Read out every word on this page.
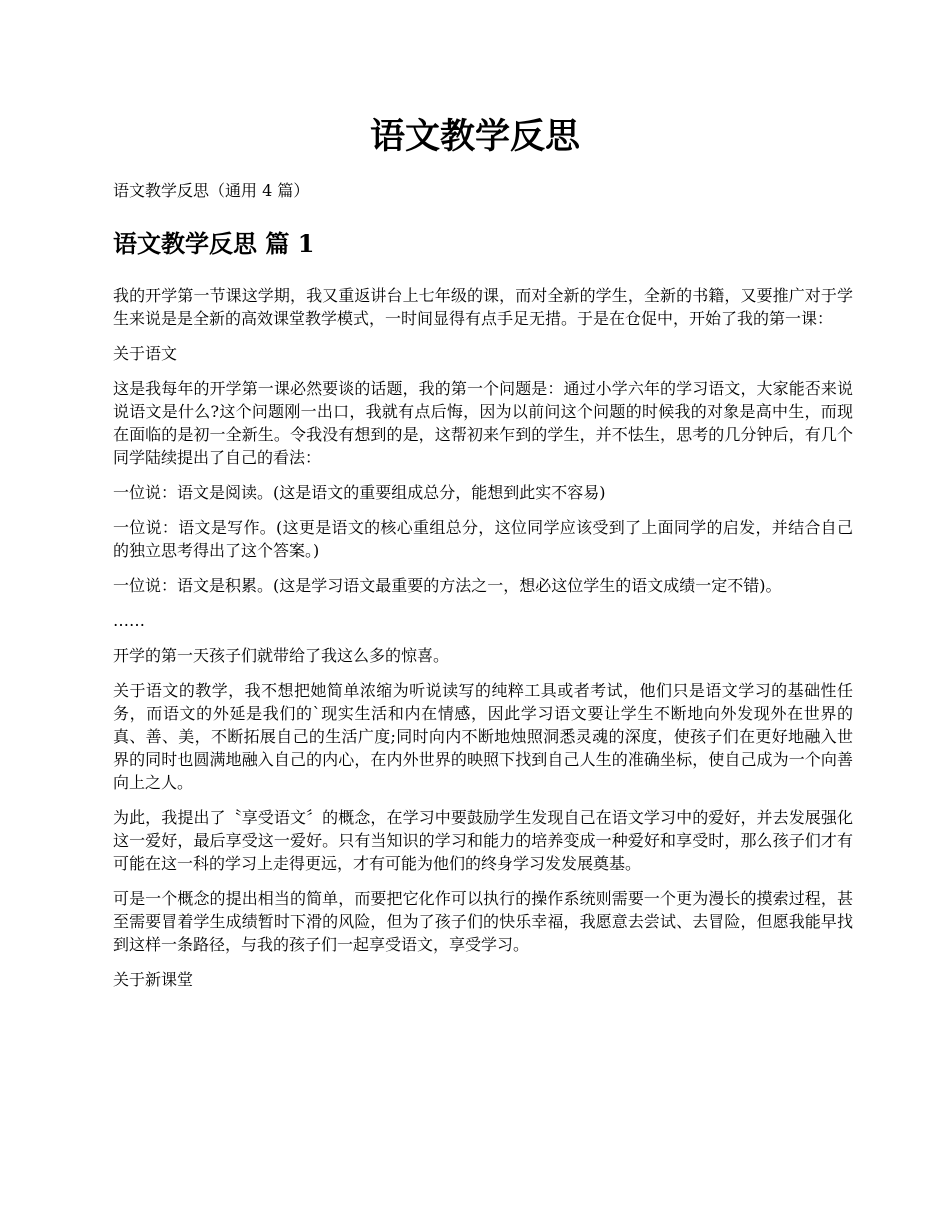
语文教学反思

语文教学反思（通用 4 篇）

语文教学反思 篇 1

我的开学第一节课这学期，我又重返讲台上七年级的课，而对全新的学生，全新的书籍，又要推广对于学生来说是是全新的高效课堂教学模式，一时间显得有点手足无措。于是在仓促中，开始了我的第一课：

关于语文

这是我每年的开学第一课必然要谈的话题，我的第一个问题是：通过小学六年的学习语文，大家能否来说说语文是什么?这个问题刚一出口，我就有点后悔，因为以前问这个问题的时候我的对象是高中生，而现在面临的是初一全新生。令我没有想到的是，这帮初来乍到的学生，并不怯生，思考的几分钟后，有几个同学陆续提出了自己的看法：

一位说：语文是阅读。(这是语文的重要组成总分，能想到此实不容易)

一位说：语文是写作。(这更是语文的核心重组总分，这位同学应该受到了上面同学的启发，并结合自己的独立思考得出了这个答案。)

一位说：语文是积累。(这是学习语文最重要的方法之一，想必这位学生的语文成绩一定不错)。

……

开学的第一天孩子们就带给了我这么多的惊喜。

关于语文的教学，我不想把她简单浓缩为听说读写的纯粹工具或者考试，他们只是语文学习的基础性任务，而语文的外延是我们的`现实生活和内在情感，因此学习语文要让学生不断地向外发现外在世界的真、善、美，不断拓展自己的生活广度;同时向内不断地烛照洞悉灵魂的深度，使孩子们在更好地融入世界的同时也圆满地融入自己的内心，在内外世界的映照下找到自己人生的准确坐标，使自己成为一个向善向上之人。

为此，我提出了〝享受语文〞的概念，在学习中要鼓励学生发现自己在语文学习中的爱好，并去发展强化这一爱好，最后享受这一爱好。只有当知识的学习和能力的培养变成一种爱好和享受时，那么孩子们才有可能在这一科的学习上走得更远，才有可能为他们的终身学习发发展奠基。

可是一个概念的提出相当的简单，而要把它化作可以执行的操作系统则需要一个更为漫长的摸索过程，甚至需要冒着学生成绩暂时下滑的风险，但为了孩子们的快乐幸福，我愿意去尝试、去冒险，但愿我能早找到这样一条路径，与我的孩子们一起享受语文，享受学习。

关于新课堂
